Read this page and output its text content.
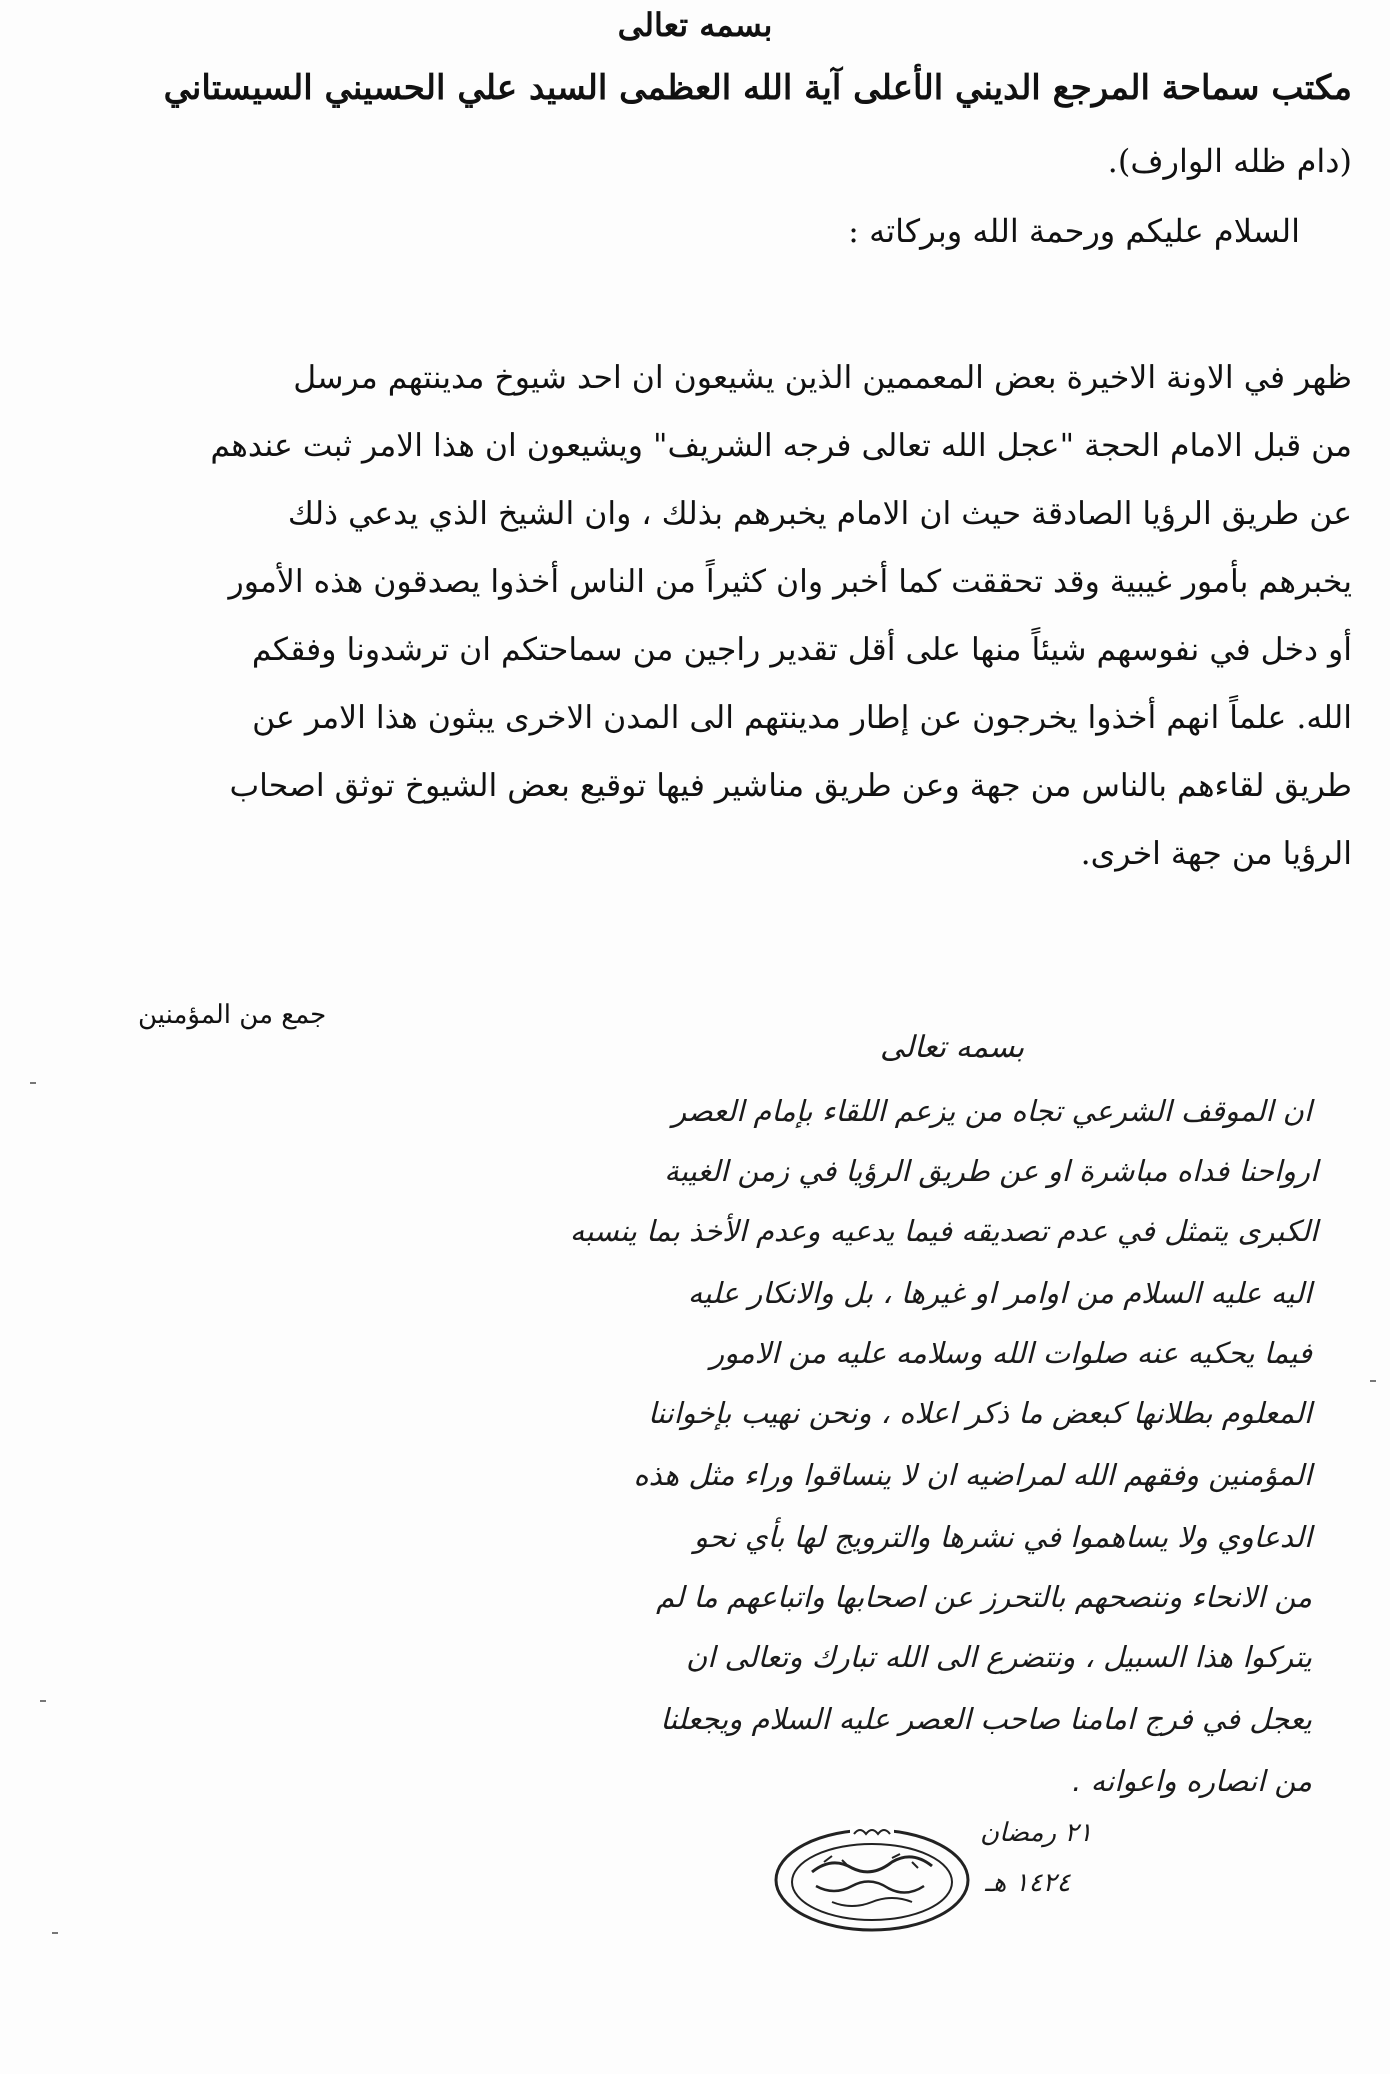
بسمه تعالى
مكتب سماحة المرجع الديني الأعلى آية الله العظمى السيد علي الحسيني السيستاني
(دام ظله الوارف).
السلام عليكم ورحمة الله وبركاته :
ظهر في الاونة الاخيرة بعض المعممين الذين يشيعون ان احد شيوخ مدينتهم مرسل
من قبل الامام الحجة "عجل الله تعالى فرجه الشريف" ويشيعون ان هذا الامر ثبت عندهم
عن طريق الرؤيا الصادقة حيث ان الامام يخبرهم بذلك ، وان الشيخ الذي يدعي ذلك
يخبرهم بأمور غيبية وقد تحققت كما أخبر وان كثيراً من الناس أخذوا يصدقون هذه الأمور
أو دخل في نفوسهم شيئاً منها على أقل تقدير راجين من سماحتكم ان ترشدونا وفقكم
الله. علماً انهم أخذوا يخرجون عن إطار مدينتهم الى المدن الاخرى يبثون هذا الامر عن
طريق لقاءهم بالناس من جهة وعن طريق مناشير فيها توقيع بعض الشيوخ توثق اصحاب
الرؤيا من جهة اخرى.
جمع من المؤمنين
بسمه تعالى
ان الموقف الشرعي تجاه من يزعم اللقاء بإمام العصر
ارواحنا فداه مباشرة او عن طريق الرؤيا في زمن الغيبة
الكبرى يتمثل في عدم تصديقه فيما يدعيه وعدم الأخذ بما ينسبه
اليه عليه السلام من اوامر او غيرها ، بل والانكار عليه
فيما يحكيه عنه صلوات الله وسلامه عليه من الامور
المعلوم بطلانها كبعض ما ذكر اعلاه ، ونحن نهيب بإخواننا
المؤمنين وفقهم الله لمراضيه ان لا ينساقوا وراء مثل هذه
الدعاوي ولا يساهموا في نشرها والترويج لها بأي نحو
من الانحاء وننصحهم بالتحرز عن اصحابها واتباعهم ما لم
يتركوا هذا السبيل ، ونتضرع الى الله تبارك وتعالى ان
يعجل في فرج امامنا صاحب العصر عليه السلام ويجعلنا
من انصاره واعوانه .
٢١ رمضان
١٤٢٤ هـ
